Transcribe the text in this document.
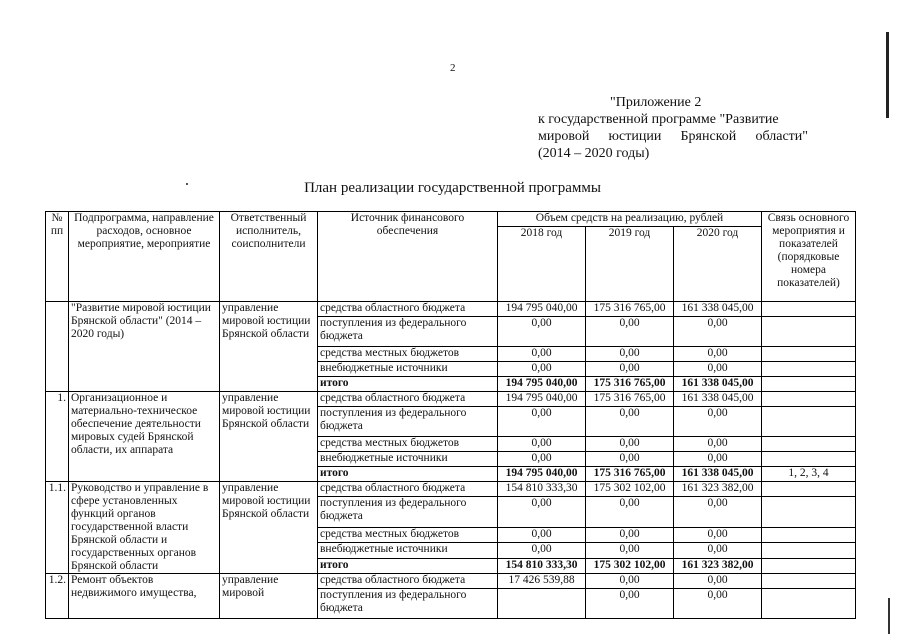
2
"Приложение 2
к государственной программе "Развитие
мировой юстиции Брянской области"
(2014 – 2020 годы)
План реализации государственной программы
№ пп	Подпрограмма, направление расходов, основное мероприятие, мероприятие	Ответственный исполнитель, соисполнители	Источник финансового обеспечения	Объем средств на реализацию, рублей			Связь основного мероприятия и показателей (порядковые номера показателей)
				2018 год	2019 год	2020 год	
	"Развитие мировой юстиции Брянской области" (2014 – 2020 годы)	управление мировой юстиции Брянской области	средства областного бюджета	194 795 040,00	175 316 765,00	161 338 045,00	
			поступления из федерального бюджета	0,00	0,00	0,00	
			средства местных бюджетов	0,00	0,00	0,00	
			внебюджетные источники	0,00	0,00	0,00	
			итого	194 795 040,00	175 316 765,00	161 338 045,00	
1.	Организационное и материально-техническое обеспечение деятельности мировых судей Брянской области, их аппарата	управление мировой юстиции Брянской области	средства областного бюджета	194 795 040,00	175 316 765,00	161 338 045,00	
			поступления из федерального бюджета	0,00	0,00	0,00	
			средства местных бюджетов	0,00	0,00	0,00	
			внебюджетные источники	0,00	0,00	0,00	
			итого	194 795 040,00	175 316 765,00	161 338 045,00	1, 2, 3, 4
1.1.	Руководство и управление в сфере установленных функций органов государственной власти Брянской области и государственных органов Брянской области	управление мировой юстиции Брянской области	средства областного бюджета	154 810 333,30	175 302 102,00	161 323 382,00	
			поступления из федерального бюджета	0,00	0,00	0,00	
			средства местных бюджетов	0,00	0,00	0,00	
			внебюджетные источники	0,00	0,00	0,00	
			итого	154 810 333,30	175 302 102,00	161 323 382,00	
1.2.	Ремонт объектов недвижимого имущества,	управление мировой	средства областного бюджета	17 426 539,88	0,00	0,00	
			поступления из федерального бюджета		0,00	0,00	
